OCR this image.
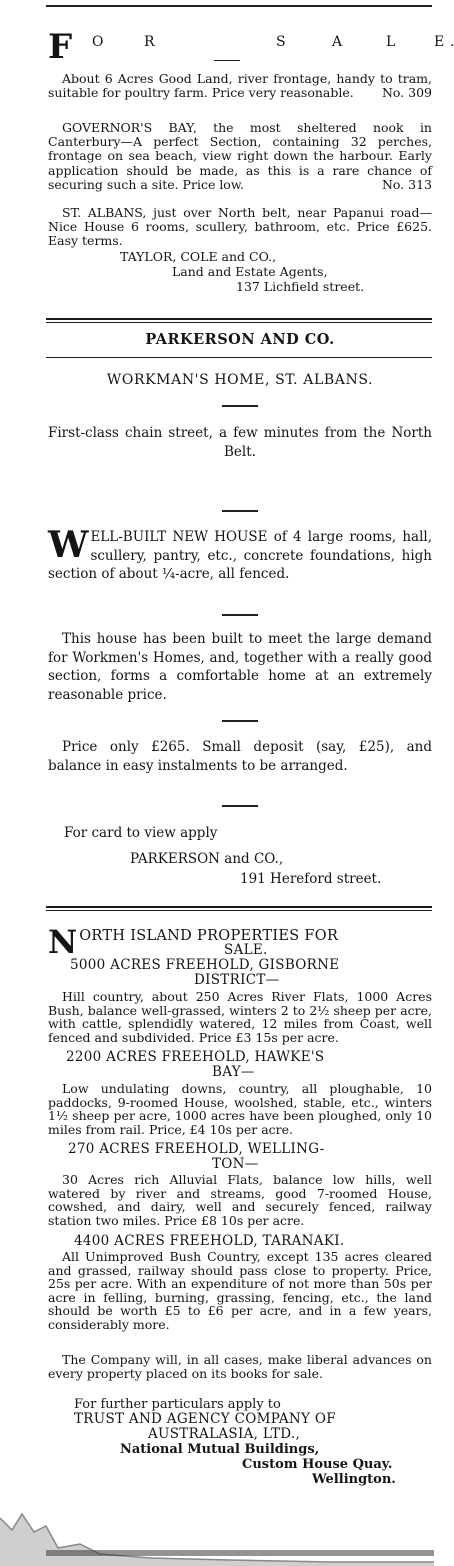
F O	R	S	A	L	E
About 6 Acres Good Land, river frontage, handy to tram, suitable for poultry farm. Price very reasonable.	No. 309
GOVERNOR'S BAY, the most sheltered nook in Canterbury—A perfect Section, containing 32 perches, frontage on sea beach, view right down the harbour. Early application should be made, as this is a rare chance of securing such a site. Price low.	No. 313
ST. ALBANS, just over North belt, near Papanui road—Nice House 6 rooms, scullery, bathroom, etc. Price £625. Easy terms.
TAYLOR, COLE and CO.,
Land and Estate Agents,
137 Lichfield street.
PARKERSON AND CO.
WORKMAN'S HOME, ST. ALBANS.
First-class chain street, a few minutes from the North Belt.
W ELL-BUILT NEW HOUSE of 4 large rooms, hall, scullery, pantry, etc., concrete foundations, high section of about ¼-acre, all fenced.
This house has been built to meet the large demand for Workmen's Homes, and, together with a really good section, forms a comfortable home at an extremely reasonable price.
Price only £265. Small deposit (say, £25), and balance in easy instalments to be arranged.
For card to view apply
PARKERSON and CO.,
191 Hereford street.
N ORTH ISLAND PROPERTIES FOR
SALE.
5000 ACRES FREEHOLD, GISBORNE
DISTRICT—
Hill country, about 250 Acres River Flats, 1000 Acres Bush, balance well-grassed, winters 2 to 2½ sheep per acre, with cattle, splendidly watered, 12 miles from Coast, well fenced and subdivided. Price £3 15s per acre.
2200 ACRES FREEHOLD, HAWKE'S
BAY—
Low undulating downs, country, all ploughable, 10 paddocks, 9-roomed House, woolshed, stable, etc., winters 1½ sheep per acre, 1000 acres have been ploughed, only 10 miles from rail. Price, £4 10s per acre.
270 ACRES FREEHOLD, WELLING-
TON—
30 Acres rich Alluvial Flats, balance low hills, well watered by river and streams, good 7-roomed House, cowshed, and dairy, well and securely fenced, railway station two miles. Price £8 10s per acre.
4400 ACRES FREEHOLD, TARANAKI.
All Unimproved Bush Country, except 135 acres cleared and grassed, railway should pass close to property. Price, 25s per acre. With an expenditure of not more than 50s per acre in felling, burning, grassing, fencing, etc., the land should be worth £5 to £6 per acre, and in a few years, considerably more.
The Company will, in all cases, make liberal advances on every property placed on its books for sale.
For further particulars apply to
TRUST AND AGENCY COMPANY OF
AUSTRALASIA, LTD.,
National Mutual Buildings,
Custom House Quay.
Wellington.
